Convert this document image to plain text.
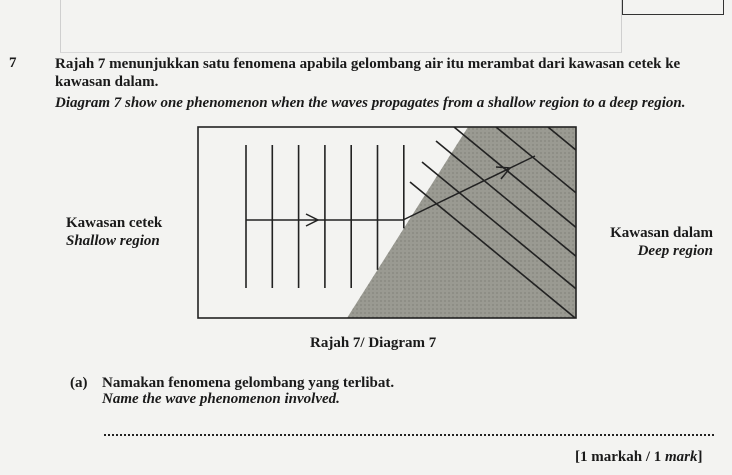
7	Rajah 7 menunjukkan satu fenomena apabila gelombang air itu merambat dari kawasan cetek ke kawasan dalam.
Diagram 7 show one phenomenon when the waves propagates from a shallow region to a deep region.
Kawasan cetek
Shallow region	Kawasan dalam
Deep region
Rajah 7/ Diagram 7
(a) Namakan fenomena gelombang yang terlibat.
Name the wave phenomenon involved.
[1 markah / 1 mark]
